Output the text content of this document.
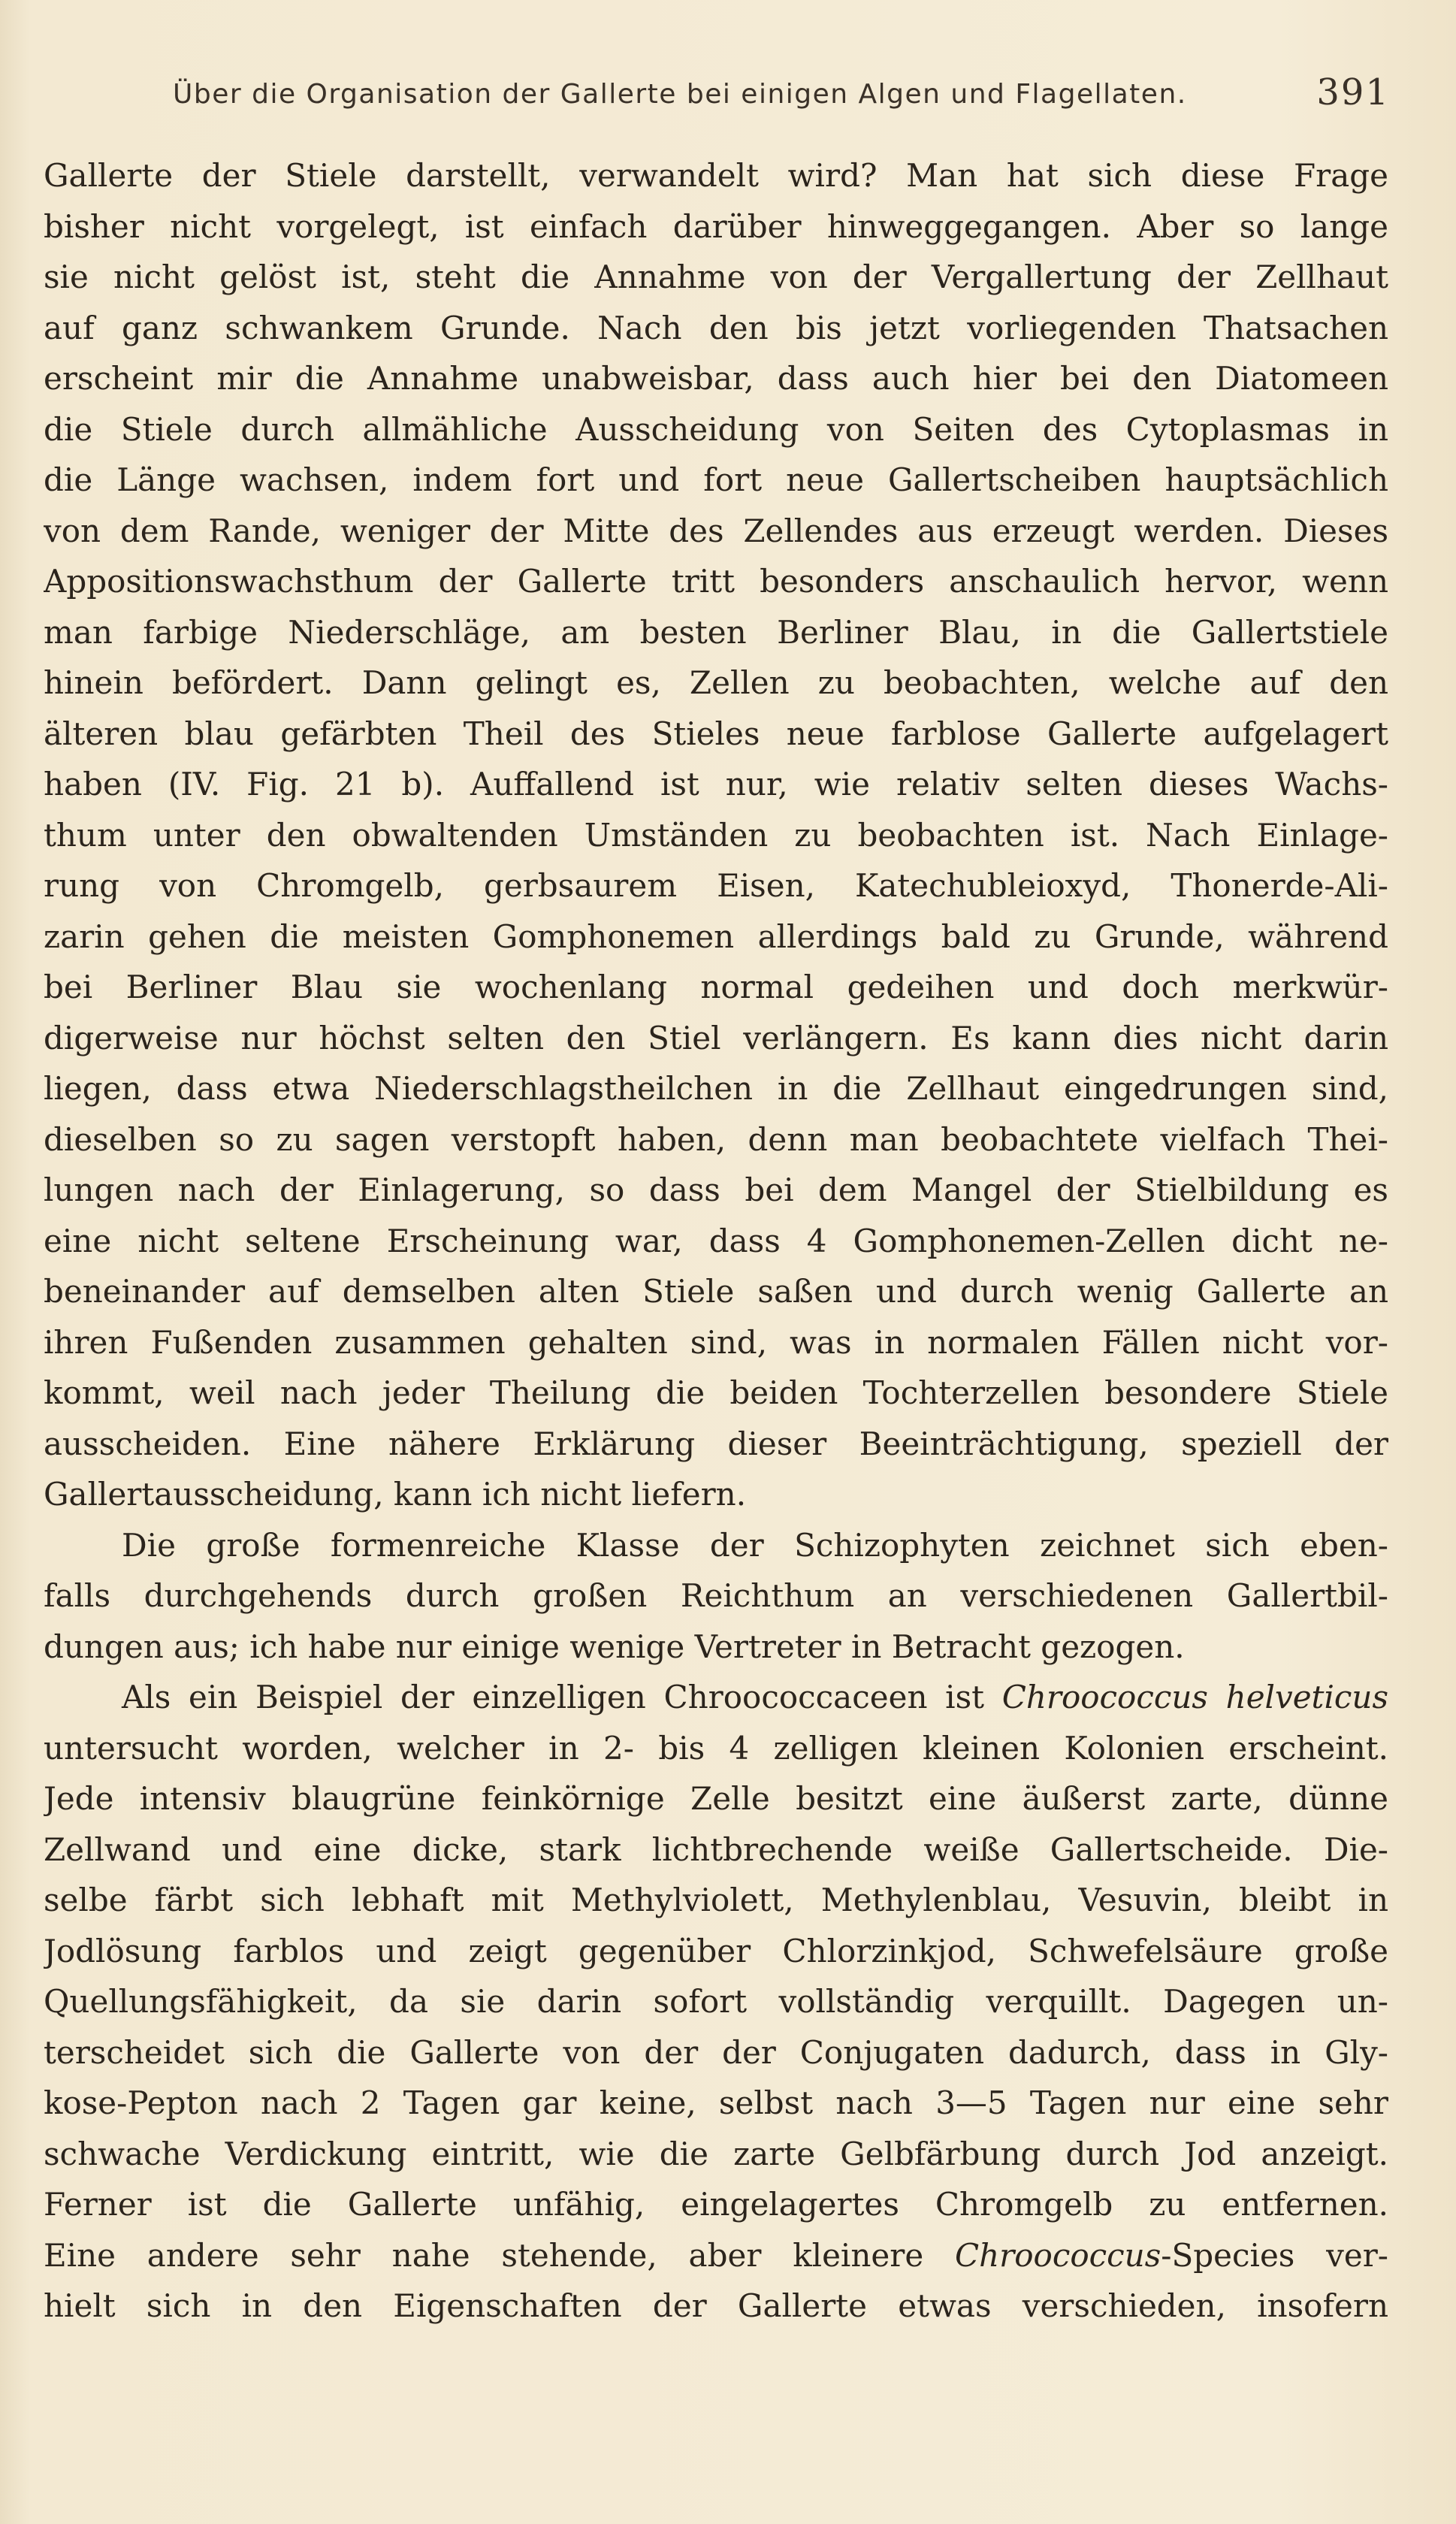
Über die Organisation der Gallerte bei einigen Algen und Flagellaten.	391
Gallerte der Stiele darstellt, verwandelt wird? Man hat sich diese Frage
bisher nicht vorgelegt, ist einfach darüber hinweggegangen. Aber so lange
sie nicht gelöst ist, steht die Annahme von der Vergallertung der Zellhaut
auf ganz schwankem Grunde. Nach den bis jetzt vorliegenden Thatsachen
erscheint mir die Annahme unabweisbar, dass auch hier bei den Diatomeen
die Stiele durch allmähliche Ausscheidung von Seiten des Cytoplasmas in
die Länge wachsen, indem fort und fort neue Gallertscheiben hauptsächlich
von dem Rande, weniger der Mitte des Zellendes aus erzeugt werden. Dieses
Appositionswachsthum der Gallerte tritt besonders anschaulich hervor, wenn
man farbige Niederschläge, am besten Berliner Blau, in die Gallertstiele
hinein befördert. Dann gelingt es, Zellen zu beobachten, welche auf den
älteren blau gefärbten Theil des Stieles neue farblose Gallerte aufgelagert
haben (IV. Fig. 21 b). Auffallend ist nur, wie relativ selten dieses Wachs-
thum unter den obwaltenden Umständen zu beobachten ist. Nach Einlage-
rung von Chromgelb, gerbsaurem Eisen, Katechubleioxyd, Thonerde-Ali-
zarin gehen die meisten Gomphonemen allerdings bald zu Grunde, während
bei Berliner Blau sie wochenlang normal gedeihen und doch merkwür-
digerweise nur höchst selten den Stiel verlängern. Es kann dies nicht darin
liegen, dass etwa Niederschlagstheilchen in die Zellhaut eingedrungen sind,
dieselben so zu sagen verstopft haben, denn man beobachtete vielfach Thei-
lungen nach der Einlagerung, so dass bei dem Mangel der Stielbildung es
eine nicht seltene Erscheinung war, dass 4 Gomphonemen-Zellen dicht ne-
beneinander auf demselben alten Stiele saßen und durch wenig Gallerte an
ihren Fußenden zusammen gehalten sind, was in normalen Fällen nicht vor-
kommt, weil nach jeder Theilung die beiden Tochterzellen besondere Stiele
ausscheiden. Eine nähere Erklärung dieser Beeinträchtigung, speziell der
Gallertausscheidung, kann ich nicht liefern.
Die große formenreiche Klasse der Schizophyten zeichnet sich eben-
falls durchgehends durch großen Reichthum an verschiedenen Gallertbil-
dungen aus; ich habe nur einige wenige Vertreter in Betracht gezogen.
Als ein Beispiel der einzelligen Chroococcaceen ist Chroococcus helveticus
untersucht worden, welcher in 2- bis 4 zelligen kleinen Kolonien erscheint.
Jede intensiv blaugrüne feinkörnige Zelle besitzt eine äußerst zarte, dünne
Zellwand und eine dicke, stark lichtbrechende weiße Gallertscheide. Die-
selbe färbt sich lebhaft mit Methylviolett, Methylenblau, Vesuvin, bleibt in
Jodlösung farblos und zeigt gegenüber Chlorzinkjod, Schwefelsäure große
Quellungsfähigkeit, da sie darin sofort vollständig verquillt. Dagegen un-
terscheidet sich die Gallerte von der der Conjugaten dadurch, dass in Gly-
kose-Pepton nach 2 Tagen gar keine, selbst nach 3—5 Tagen nur eine sehr
schwache Verdickung eintritt, wie die zarte Gelbfärbung durch Jod anzeigt.
Ferner ist die Gallerte unfähig, eingelagertes Chromgelb zu entfernen.
Eine andere sehr nahe stehende, aber kleinere Chroococcus-Species ver-
hielt sich in den Eigenschaften der Gallerte etwas verschieden, insofern
